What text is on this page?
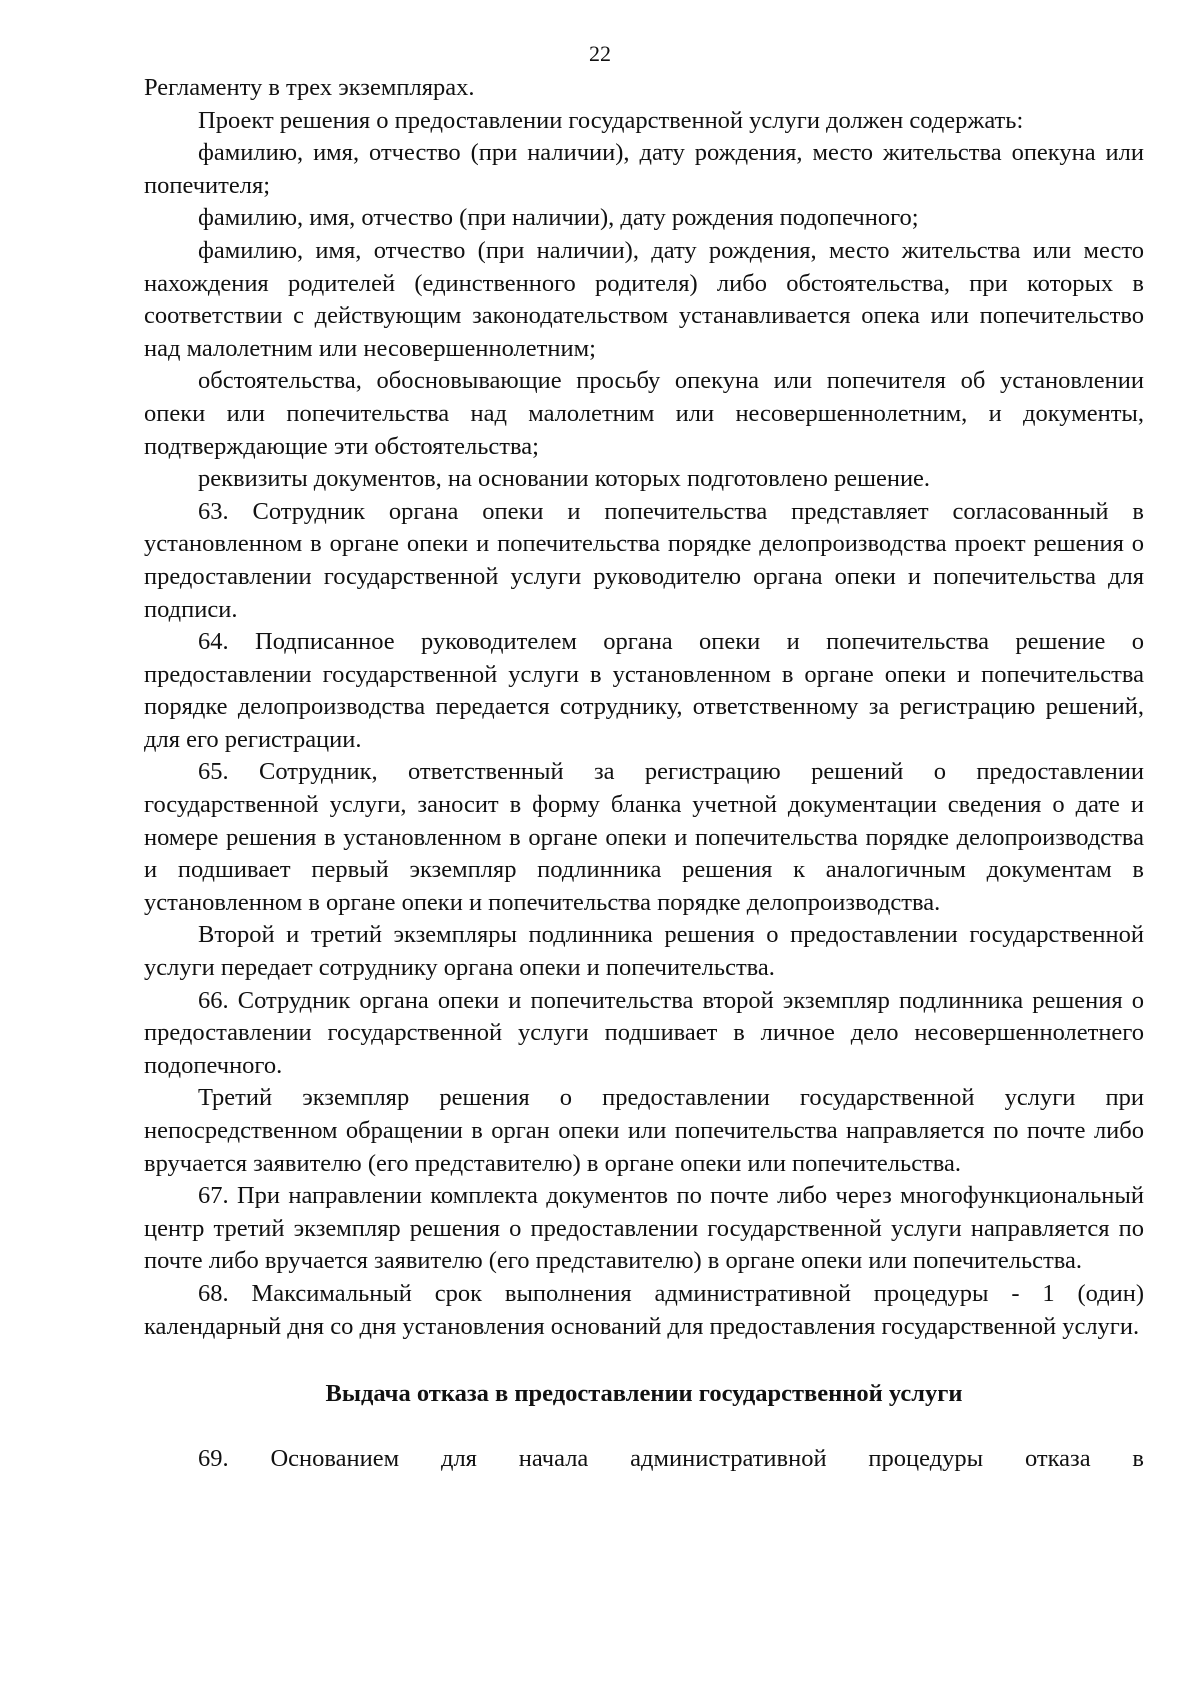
22

Регламенту в трех экземплярах.

Проект решения о предоставлении государственной услуги должен содержать:

фамилию, имя, отчество (при наличии), дату рождения, место жительства опекуна или попечителя;

фамилию, имя, отчество (при наличии), дату рождения подопечного;

фамилию, имя, отчество (при наличии), дату рождения, место жительства или место нахождения родителей (единственного родителя) либо обстоятельства, при которых в соответствии с действующим законодательством устанавливается опека или попечительство над малолетним или несовершеннолетним;

обстоятельства, обосновывающие просьбу опекуна или попечителя об установлении опеки или попечительства над малолетним или несовершеннолетним, и документы, подтверждающие эти обстоятельства;

реквизиты документов, на основании которых подготовлено решение.

63. Сотрудник органа опеки и попечительства представляет согласованный в установленном в органе опеки и попечительства порядке делопроизводства проект решения о предоставлении государственной услуги руководителю органа опеки и попечительства для подписи.

64. Подписанное руководителем органа опеки и попечительства решение о предоставлении государственной услуги в установленном в органе опеки и попечительства порядке делопроизводства передается сотруднику, ответственному за регистрацию решений, для его регистрации.

65. Сотрудник, ответственный за регистрацию решений о предоставлении государственной услуги, заносит в форму бланка учетной документации сведения о дате и номере решения в установленном в органе опеки и попечительства порядке делопроизводства и подшивает первый экземпляр подлинника решения к аналогичным документам в установленном в органе опеки и попечительства порядке делопроизводства.

Второй и третий экземпляры подлинника решения о предоставлении государственной услуги передает сотруднику органа опеки и попечительства.

66. Сотрудник органа опеки и попечительства второй экземпляр подлинника решения о предоставлении государственной услуги подшивает в личное дело несовершеннолетнего подопечного.

Третий экземпляр решения о предоставлении государственной услуги при непосредственном обращении в орган опеки или попечительства направляется по почте либо вручается заявителю (его представителю) в органе опеки или попечительства.

67. При направлении комплекта документов по почте либо через многофункциональный центр третий экземпляр решения о предоставлении государственной услуги направляется по почте либо вручается заявителю (его представителю) в органе опеки или попечительства.

68. Максимальный срок выполнения административной процедуры - 1 (один) календарный дня со дня установления оснований для предоставления государственной услуги.

Выдача отказа в предоставлении государственной услуги

69. Основанием для начала административной процедуры отказа в
